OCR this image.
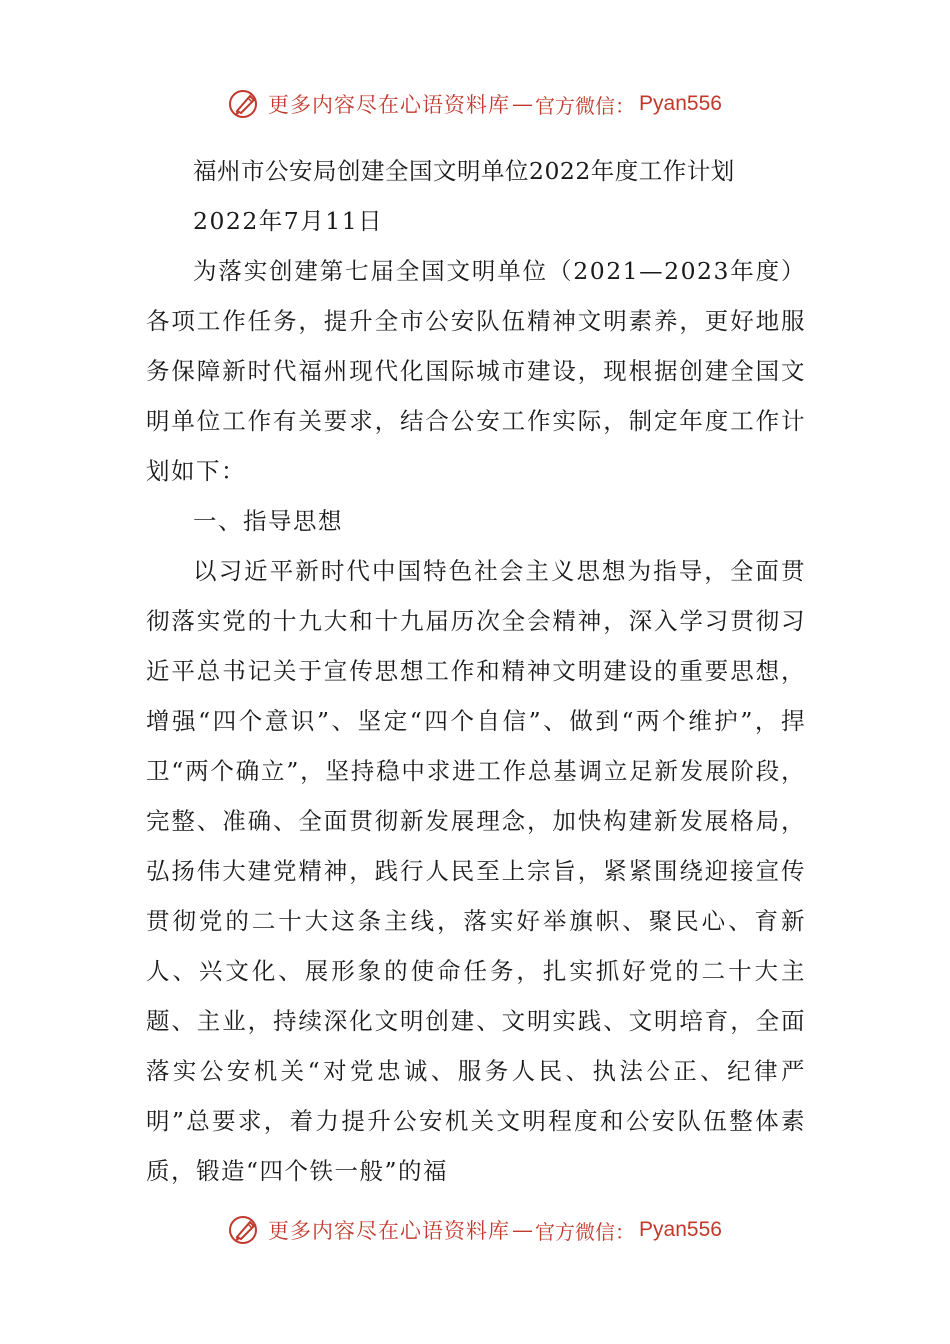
更多内容尽在心语资料库 — 官方微信： Pyan556

福州市公安局创建全国文明单位2022年度工作计划

2022年7月11日

为落实创建第七届全国文明单位（2021—2023年度）各项工作任务，提升全市公安队伍精神文明素养，更好地服务保障新时代福州现代化国际城市建设，现根据创建全国文明单位工作有关要求，结合公安工作实际，制定年度工作计划如下：

一、指导思想

以习近平新时代中国特色社会主义思想为指导，全面贯彻落实党的十九大和十九届历次全会精神，深入学习贯彻习近平总书记关于宣传思想工作和精神文明建设的重要思想，增强“四个意识”、坚定“四个自信”、做到“两个维护”，捍卫“两个确立”，坚持稳中求进工作总基调立足新发展阶段，完整、准确、全面贯彻新发展理念，加快构建新发展格局，弘扬伟大建党精神，践行人民至上宗旨，紧紧围绕迎接宣传贯彻党的二十大这条主线，落实好举旗帜、聚民心、育新人、兴文化、展形象的使命任务，扎实抓好党的二十大主题、主业，持续深化文明创建、文明实践、文明培育，全面落实公安机关“对党忠诚、服务人民、执法公正、纪律严明”总要求，着力提升公安机关文明程度和公安队伍整体素质，锻造“四个铁一般”的福

更多内容尽在心语资料库 — 官方微信： Pyan556
